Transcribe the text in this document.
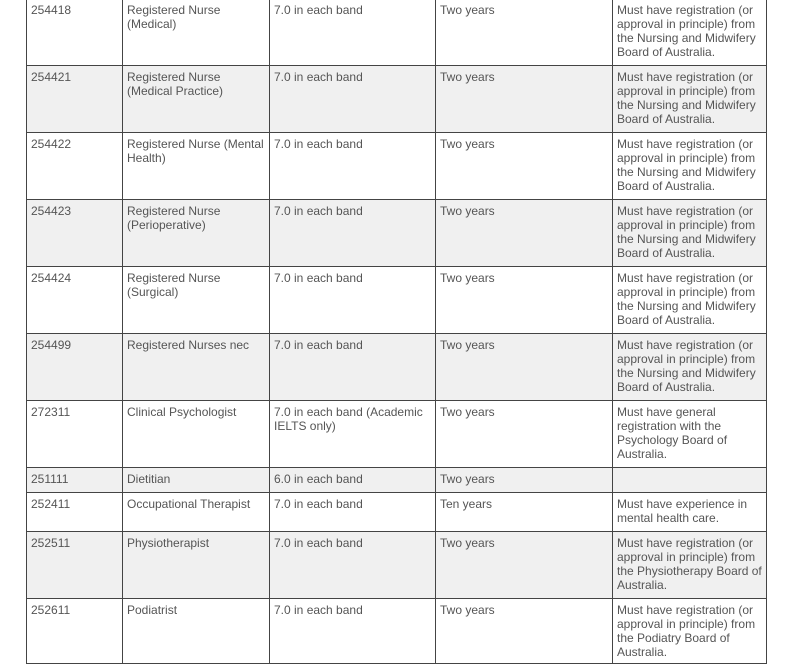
254418	Registered Nurse (Medical)	7.0 in each band	Two years	Must have registration (or approval in principle) from the Nursing and Midwifery Board of Australia.
254421	Registered Nurse (Medical Practice)	7.0 in each band	Two years	Must have registration (or approval in principle) from the Nursing and Midwifery Board of Australia.
254422	Registered Nurse (Mental Health)	7.0 in each band	Two years	Must have registration (or approval in principle) from the Nursing and Midwifery Board of Australia.
254423	Registered Nurse (Perioperative)	7.0 in each band	Two years	Must have registration (or approval in principle) from the Nursing and Midwifery Board of Australia.
254424	Registered Nurse (Surgical)	7.0 in each band	Two years	Must have registration (or approval in principle) from the Nursing and Midwifery Board of Australia.
254499	Registered Nurses nec	7.0 in each band	Two years	Must have registration (or approval in principle) from the Nursing and Midwifery Board of Australia.
272311	Clinical Psychologist	7.0 in each band (Academic IELTS only)	Two years	Must have general registration with the Psychology Board of Australia.
251111	Dietitian	6.0 in each band	Two years	
252411	Occupational Therapist	7.0 in each band	Ten years	Must have experience in mental health care.
252511	Physiotherapist	7.0 in each band	Two years	Must have registration (or approval in principle) from the Physiotherapy Board of Australia.
252611	Podiatrist	7.0 in each band	Two years	Must have registration (or approval in principle) from the Podiatry Board of Australia.
